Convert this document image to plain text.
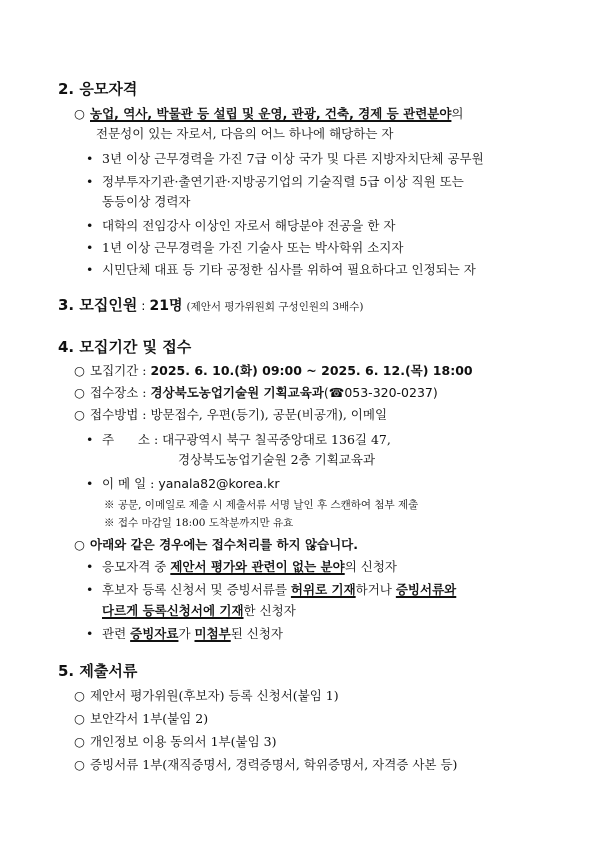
2. 응모자격
○ 농업, 역사, 박물관 등 설립 및 운영, 관광, 건축, 경제 등 관련분야의
전문성이 있는 자로서, 다음의 어느 하나에 해당하는 자
• 3년 이상 근무경력을 가진 7급 이상 국가 및 다른 지방자치단체 공무원
• 정부투자기관·출연기관·지방공기업의 기술직렬 5급 이상 직원 또는
동등이상 경력자
• 대학의 전임강사 이상인 자로서 해당분야 전공을 한 자
• 1년 이상 근무경력을 가진 기술사 또는 박사학위 소지자
• 시민단체 대표 등 기타 공정한 심사를 위하여 필요하다고 인정되는 자
3. 모집인원 : 21명 (제안서 평가위원회 구성인원의 3배수)
4. 모집기간 및 접수
○ 모집기간 : 2025. 6. 10.(화) 09:00 ~ 2025. 6. 12.(목) 18:00
○ 접수장소 : 경상북도농업기술원 기획교육과(☎053-320-0237)
○ 접수방법 : 방문접수, 우편(등기), 공문(비공개), 이메일
• 주      소 : 대구광역시 북구 칠곡중앙대로 136길 47,
경상북도농업기술원 2층 기획교육과
• 이 메 일 : yanala82@korea.kr
※ 공문, 이메일로 제출 시 제출서류 서명 날인 후 스캔하여 첨부 제출
※ 접수 마감일 18:00 도착분까지만 유효
○ 아래와 같은 경우에는 접수처리를 하지 않습니다.
• 응모자격 중 제안서 평가와 관련이 없는 분야의 신청자
• 후보자 등록 신청서 및 증빙서류를 허위로 기재하거나 증빙서류와
다르게 등록신청서에 기재한 신청자
• 관련 증빙자료가 미첨부된 신청자
5. 제출서류
○ 제안서 평가위원(후보자) 등록 신청서(붙임 1)
○ 보안각서 1부(붙임 2)
○ 개인정보 이용 동의서 1부(붙임 3)
○ 증빙서류 1부(재직증명서, 경력증명서, 학위증명서, 자격증 사본 등)
